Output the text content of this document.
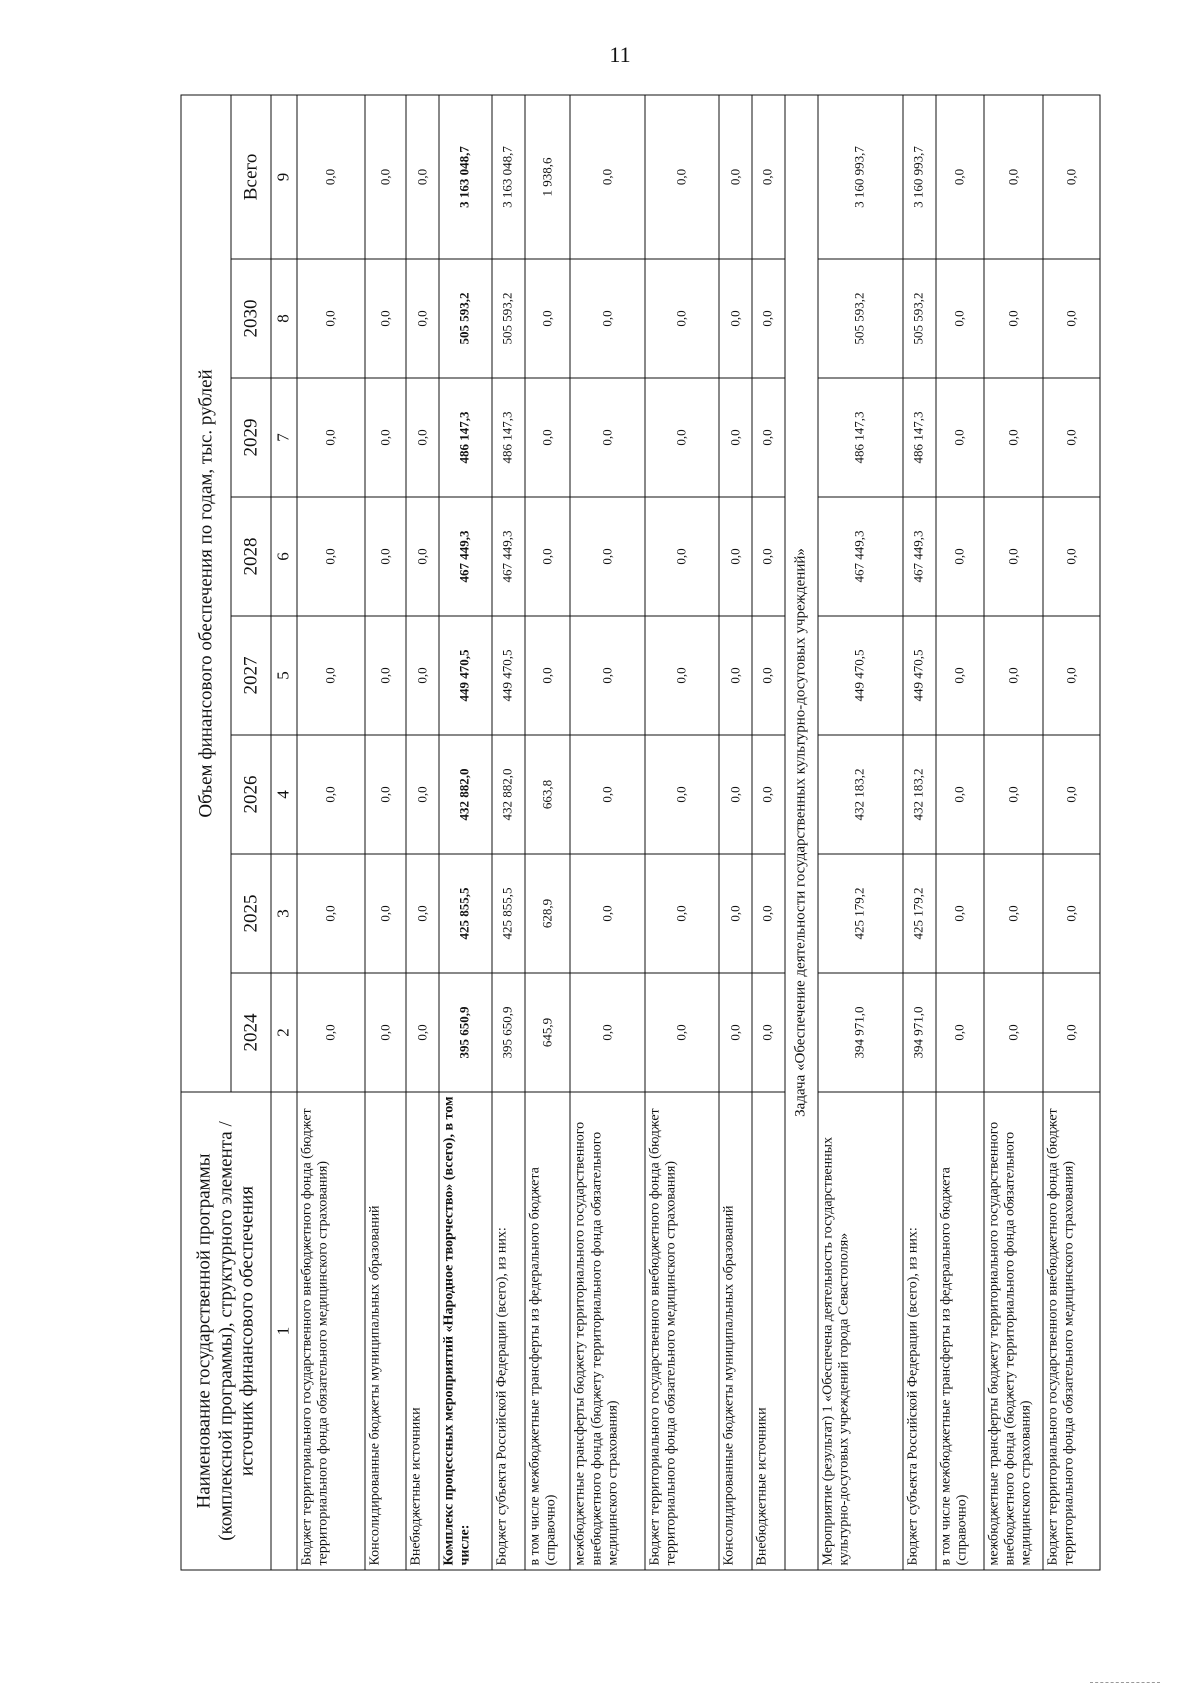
11
Наименование государственной программы (комплексной программы), структурного элемента / источник финансового обеспечения	Объем финансового обеспечения по годам, тыс. рублей							
	2024	2025	2026	2027	2028	2029	2030	Всего
1	2	3	4	5	6	7	8	9
Бюджет территориального государственного внебюджетного фонда (бюджет территориального фонда обязательного медицинского страхования)	0,0	0,0	0,0	0,0	0,0	0,0	0,0	0,0
Консолидированные бюджеты муниципальных образований	0,0	0,0	0,0	0,0	0,0	0,0	0,0	0,0
Внебюджетные источники	0,0	0,0	0,0	0,0	0,0	0,0	0,0	0,0
Комплекс процессных мероприятий «Народное творчество» (всего), в том числе:	395 650,9	425 855,5	432 882,0	449 470,5	467 449,3	486 147,3	505 593,2	3 163 048,7
Бюджет субъекта Российской Федерации (всего), из них:	395 650,9	425 855,5	432 882,0	449 470,5	467 449,3	486 147,3	505 593,2	3 163 048,7
в том числе межбюджетные трансферты из федерального бюджета (справочно)	645,9	628,9	663,8	0,0	0,0	0,0	0,0	1 938,6
межбюджетные трансферты бюджету территориального государственного внебюджетного фонда (бюджету территориального фонда обязательного медицинского страхования)	0,0	0,0	0,0	0,0	0,0	0,0	0,0	0,0
Бюджет территориального государственного внебюджетного фонда (бюджет территориального фонда обязательного медицинского страхования)	0,0	0,0	0,0	0,0	0,0	0,0	0,0	0,0
Консолидированные бюджеты муниципальных образований	0,0	0,0	0,0	0,0	0,0	0,0	0,0	0,0
Внебюджетные источники	0,0	0,0	0,0	0,0	0,0	0,0	0,0	0,0
Задача «Обеспечение деятельности государственных культурно-досуговых учреждений»								
Мероприятие (результат) 1 «Обеспечена деятельность государственных культурно-досуговых учреждений города Севастополя»	394 971,0	425 179,2	432 183,2	449 470,5	467 449,3	486 147,3	505 593,2	3 160 993,7
Бюджет субъекта Российской Федерации (всего), из них:	394 971,0	425 179,2	432 183,2	449 470,5	467 449,3	486 147,3	505 593,2	3 160 993,7
в том числе межбюджетные трансферты из федерального бюджета (справочно)	0,0	0,0	0,0	0,0	0,0	0,0	0,0	0,0
межбюджетные трансферты бюджету территориального государственного внебюджетного фонда (бюджету территориального фонда обязательного медицинского страхования)	0,0	0,0	0,0	0,0	0,0	0,0	0,0	0,0
Бюджет территориального государственного внебюджетного фонда (бюджет территориального фонда обязательного медицинского страхования)	0,0	0,0	0,0	0,0	0,0	0,0	0,0	0,0
